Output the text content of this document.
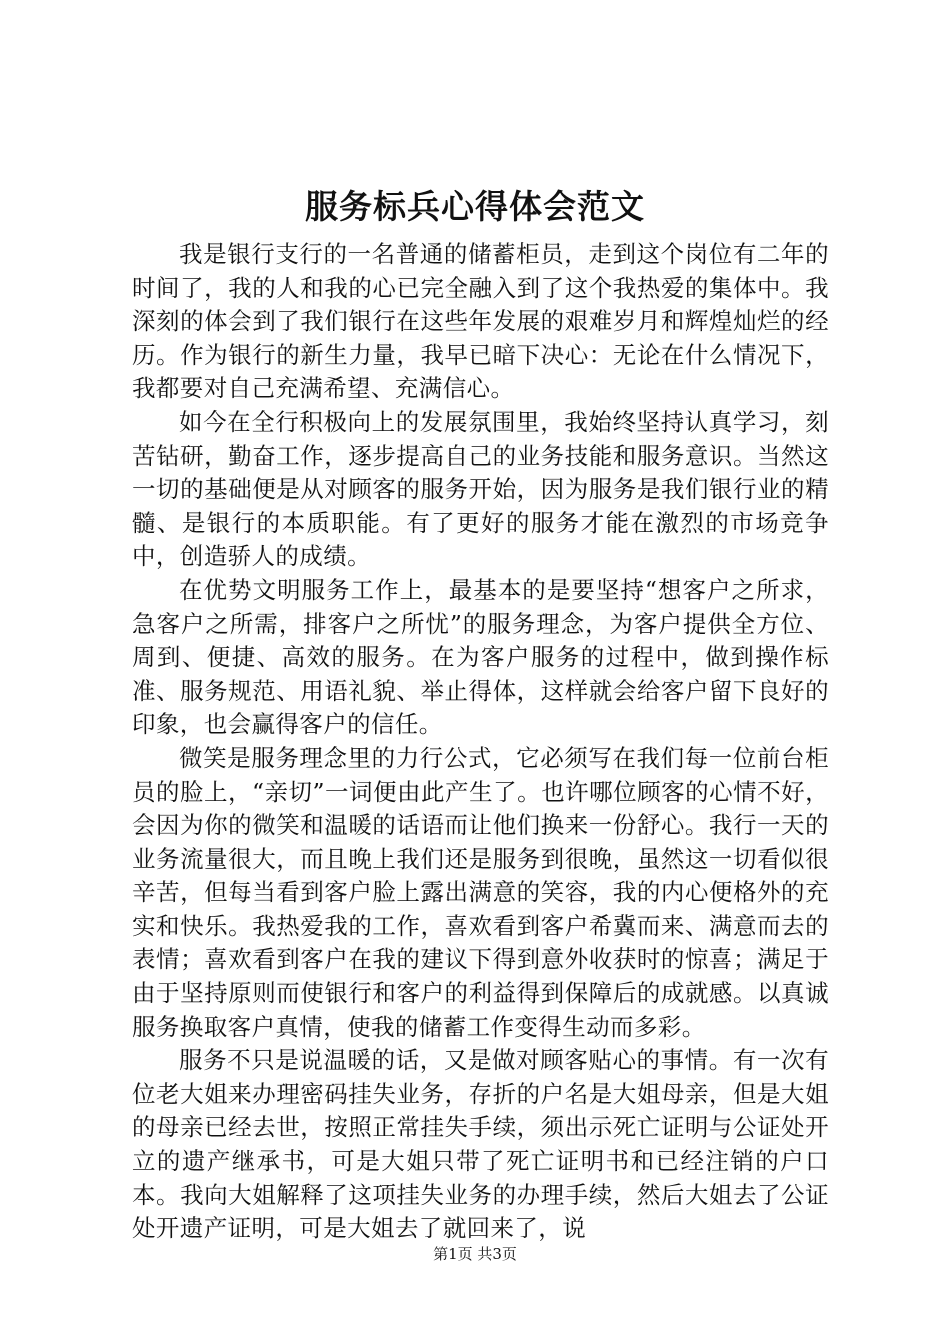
服务标兵心得体会范文

我是银行支行的一名普通的储蓄柜员，走到这个岗位有二年的时间了，我的人和我的心已完全融入到了这个我热爱的集体中。我深刻的体会到了我们银行在这些年发展的艰难岁月和辉煌灿烂的经历。作为银行的新生力量，我早已暗下决心：无论在什么情况下，我都要对自己充满希望、充满信心。

如今在全行积极向上的发展氛围里，我始终坚持认真学习，刻苦钻研，勤奋工作，逐步提高自己的业务技能和服务意识。当然这一切的基础便是从对顾客的服务开始，因为服务是我们银行业的精髓、是银行的本质职能。有了更好的服务才能在激烈的市场竞争中，创造骄人的成绩。

在优势文明服务工作上，最基本的是要坚持“想客户之所求，急客户之所需，排客户之所忧”的服务理念，为客户提供全方位、周到、便捷、高效的服务。在为客户服务的过程中，做到操作标准、服务规范、用语礼貌、举止得体，这样就会给客户留下良好的印象，也会赢得客户的信任。

微笑是服务理念里的力行公式，它必须写在我们每一位前台柜员的脸上，“亲切”一词便由此产生了。也许哪位顾客的心情不好，会因为你的微笑和温暖的话语而让他们换来一份舒心。我行一天的业务流量很大，而且晚上我们还是服务到很晚，虽然这一切看似很辛苦，但每当看到客户脸上露出满意的笑容，我的内心便格外的充实和快乐。我热爱我的工作，喜欢看到客户希冀而来、满意而去的表情；喜欢看到客户在我的建议下得到意外收获时的惊喜；满足于由于坚持原则而使银行和客户的利益得到保障后的成就感。以真诚服务换取客户真情，使我的储蓄工作变得生动而多彩。

服务不只是说温暖的话，又是做对顾客贴心的事情。有一次有位老大姐来办理密码挂失业务，存折的户名是大姐母亲，但是大姐的母亲已经去世，按照正常挂失手续，须出示死亡证明与公证处开立的遗产继承书，可是大姐只带了死亡证明书和已经注销的户口本。我向大姐解释了这项挂失业务的办理手续，然后大姐去了公证处开遗产证明，可是大姐去了就回来了，说

第1页 共3页
